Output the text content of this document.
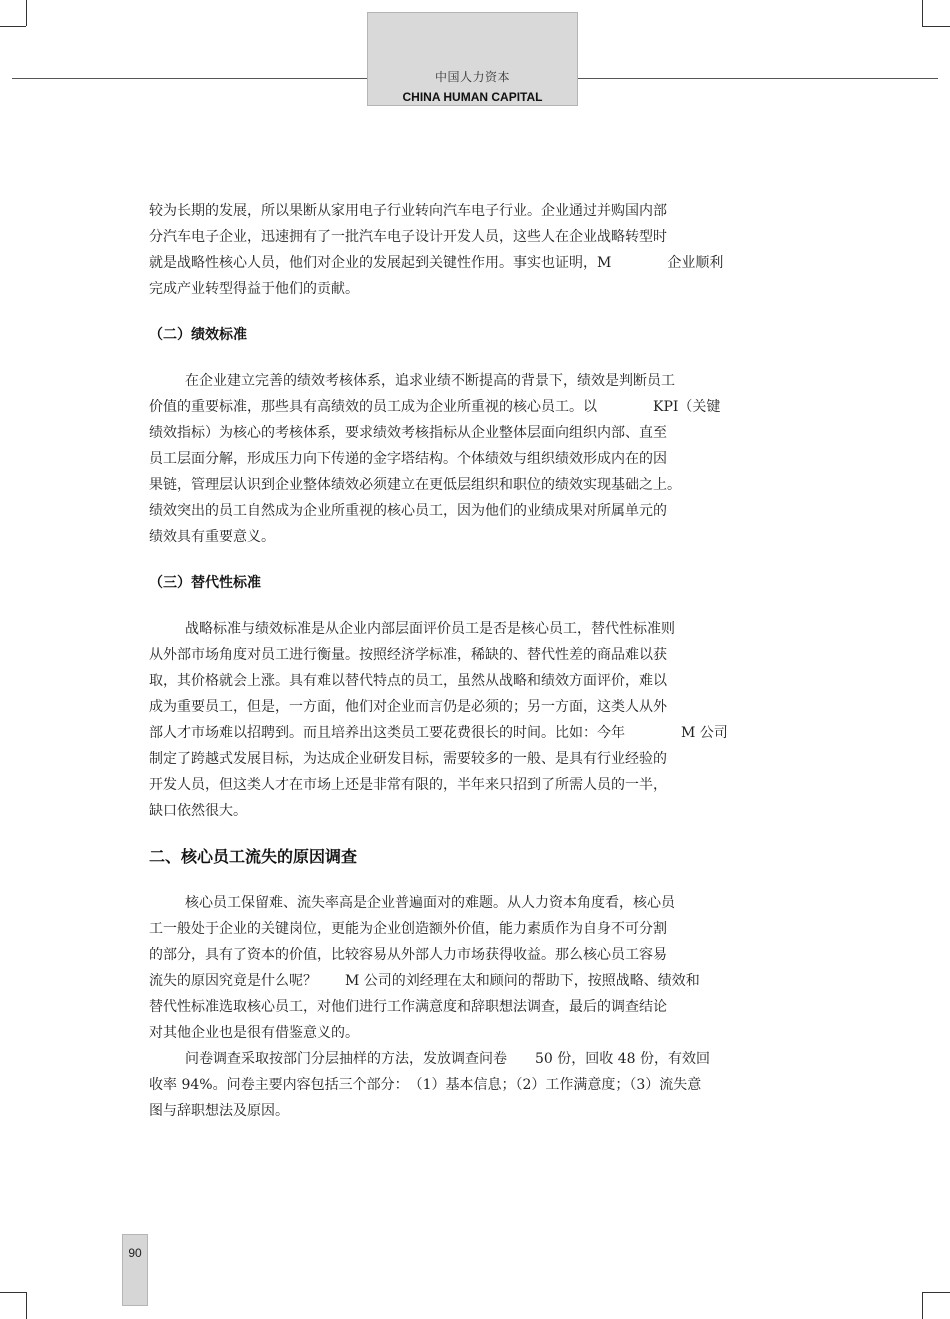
中国人力资本
CHINA HUMAN CAPITAL
较为长期的发展，所以果断从家用电子行业转向汽车电子行业。企业通过并购国内部
分汽车电子企业，迅速拥有了一批汽车电子设计开发人员，这些人在企业战略转型时
就是战略性核心人员，他们对企业的发展起到关键性作用。事实也证明，M　　　　企业顺利
完成产业转型得益于他们的贡献。
（二）绩效标准
在企业建立完善的绩效考核体系，追求业绩不断提高的背景下，绩效是判断员工
价值的重要标准，那些具有高绩效的员工成为企业所重视的核心员工。以　　　　KPI（关键
绩效指标）为核心的考核体系，要求绩效考核指标从企业整体层面向组织内部、直至
员工层面分解，形成压力向下传递的金字塔结构。个体绩效与组织绩效形成内在的因
果链，管理层认识到企业整体绩效必须建立在更低层组织和职位的绩效实现基础之上。
绩效突出的员工自然成为企业所重视的核心员工，因为他们的业绩成果对所属单元的
绩效具有重要意义。
（三）替代性标准
战略标准与绩效标准是从企业内部层面评价员工是否是核心员工，替代性标准则
从外部市场角度对员工进行衡量。按照经济学标准，稀缺的、替代性差的商品难以获
取，其价格就会上涨。具有难以替代特点的员工，虽然从战略和绩效方面评价，难以
成为重要员工，但是，一方面，他们对企业而言仍是必须的；另一方面，这类人从外
部人才市场难以招聘到。而且培养出这类员工要花费很长的时间。比如：今年　　　　M 公司
制定了跨越式发展目标，为达成企业研发目标，需要较多的一般、是具有行业经验的
开发人员，但这类人才在市场上还是非常有限的，半年来只招到了所需人员的一半，
缺口依然很大。
二、核心员工流失的原因调查
核心员工保留难、流失率高是企业普遍面对的难题。从人力资本角度看，核心员
工一般处于企业的关键岗位，更能为企业创造额外价值，能力素质作为自身不可分割
的部分，具有了资本的价值，比较容易从外部人力市场获得收益。那么核心员工容易
流失的原因究竟是什么呢？　　M 公司的刘经理在太和顾问的帮助下，按照战略、绩效和
替代性标准选取核心员工，对他们进行工作满意度和辞职想法调查，最后的调查结论
对其他企业也是很有借鉴意义的。
问卷调查采取按部门分层抽样的方法，发放调查问卷　　50 份，回收 48 份，有效回
收率 94%。问卷主要内容包括三个部分：　（1）基本信息；（2）工作满意度；（3）流失意
图与辞职想法及原因。
90
